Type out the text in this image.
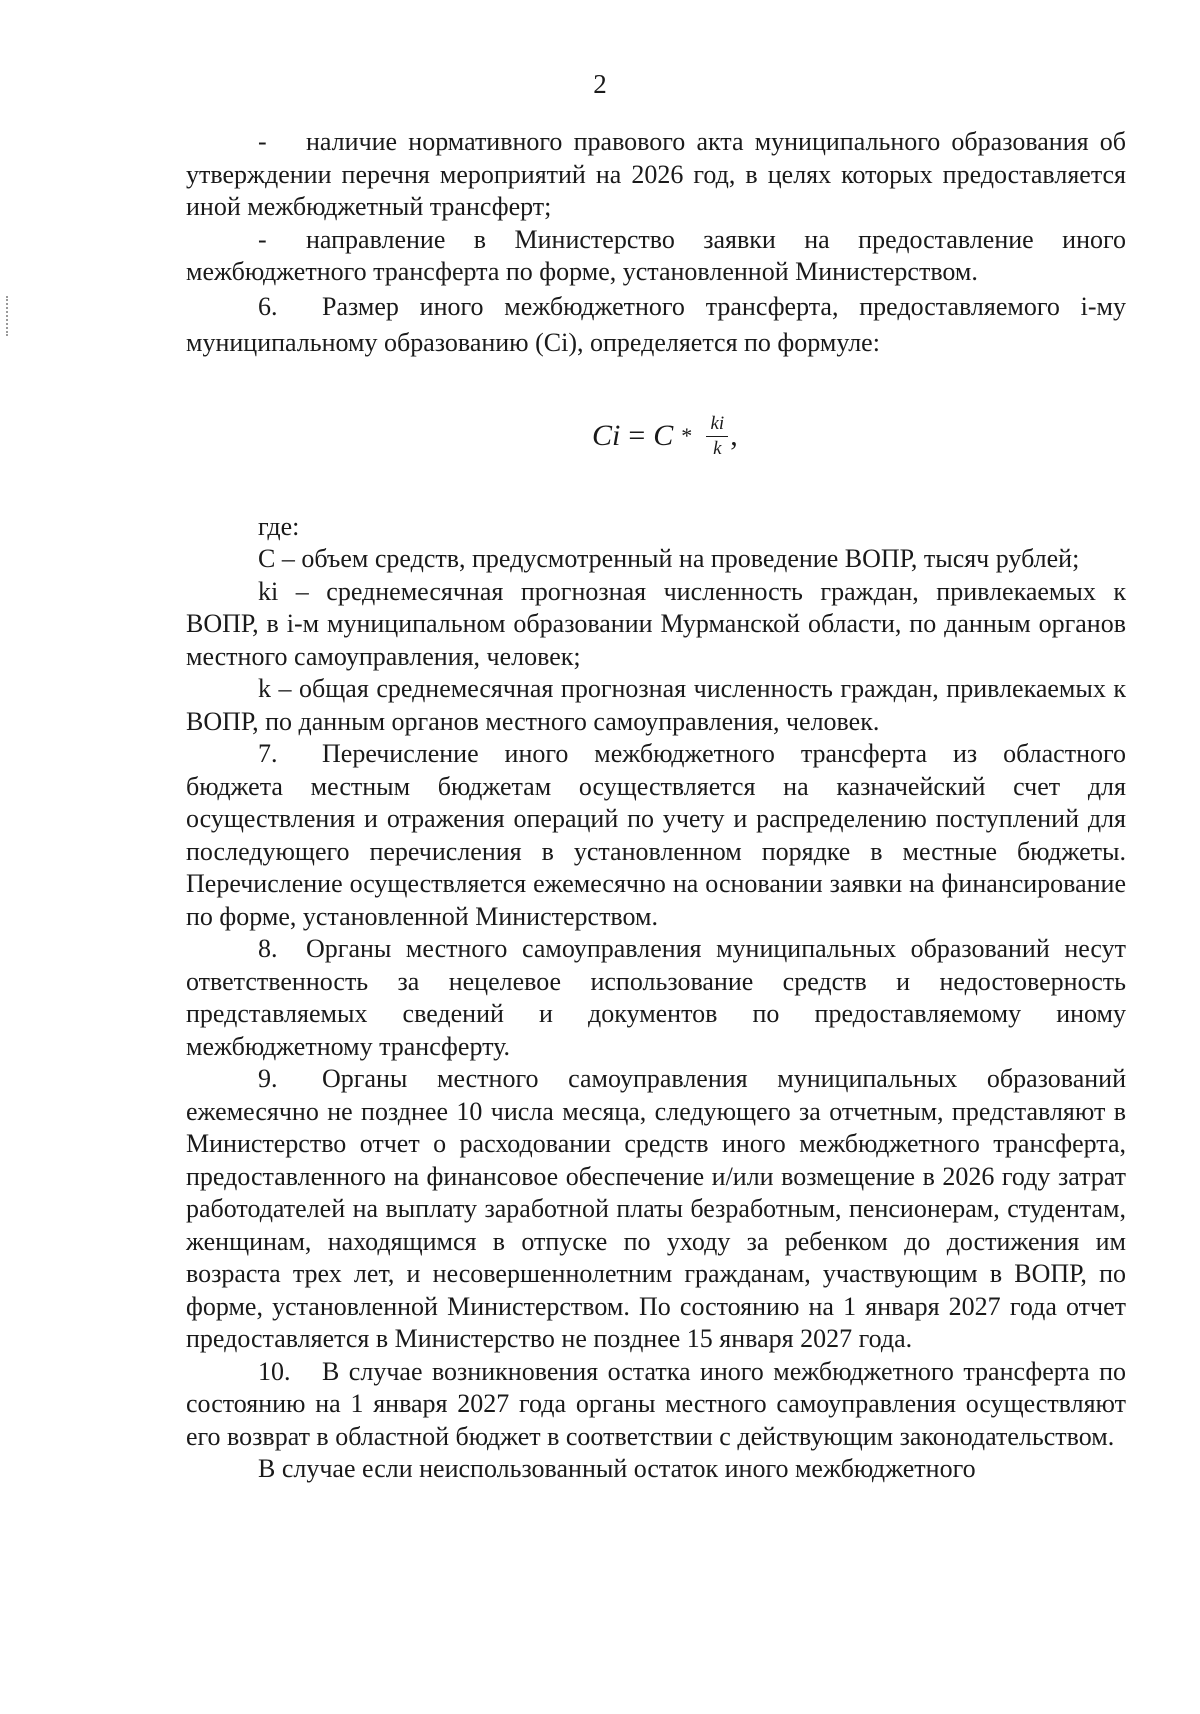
2

- наличие нормативного правового акта муниципального образования об утверждении перечня мероприятий на 2026 год, в целях которых предоставляется иной межбюджетный трансферт;

- направление в Министерство заявки на предоставление иного межбюджетного трансферта по форме, установленной Министерством.

6. Размер иного межбюджетного трансферта, предоставляемого i-му муниципальному образованию (Ci), определяется по формуле:

$Ci = C * \frac{ki}{k}$ ,

где:

С – объем средств, предусмотренный на проведение ВОПР, тысяч рублей;

ki – среднемесячная прогнозная численность граждан, привлекаемых к ВОПР, в i-м муниципальном образовании Мурманской области, по данным органов местного самоуправления, человек;

k – общая среднемесячная прогнозная численность граждан, привлекаемых к ВОПР, по данным органов местного самоуправления, человек.

7. Перечисление иного межбюджетного трансферта из областного бюджета местным бюджетам осуществляется на казначейский счет для осуществления и отражения операций по учету и распределению поступлений для последующего перечисления в установленном порядке в местные бюджеты. Перечисление осуществляется ежемесячно на основании заявки на финансирование по форме, установленной Министерством.

8. Органы местного самоуправления муниципальных образований несут ответственность за нецелевое использование средств и недостоверность представляемых сведений и документов по предоставляемому иному межбюджетному трансферту.

9. Органы местного самоуправления муниципальных образований ежемесячно не позднее 10 числа месяца, следующего за отчетным, представляют в Министерство отчет о расходовании средств иного межбюджетного трансферта, предоставленного на финансовое обеспечение и/или возмещение в 2026 году затрат работодателей на выплату заработной платы безработным, пенсионерам, студентам, женщинам, находящимся в отпуске по уходу за ребенком до достижения им возраста трех лет, и несовершеннолетним гражданам, участвующим в ВОПР, по форме, установленной Министерством. По состоянию на 1 января 2027 года отчет предоставляется в Министерство не позднее 15 января 2027 года.

10. В случае возникновения остатка иного межбюджетного трансферта по состоянию на 1 января 2027 года органы местного самоуправления осуществляют его возврат в областной бюджет в соответствии с действующим законодательством.

В случае если неиспользованный остаток иного межбюджетного
